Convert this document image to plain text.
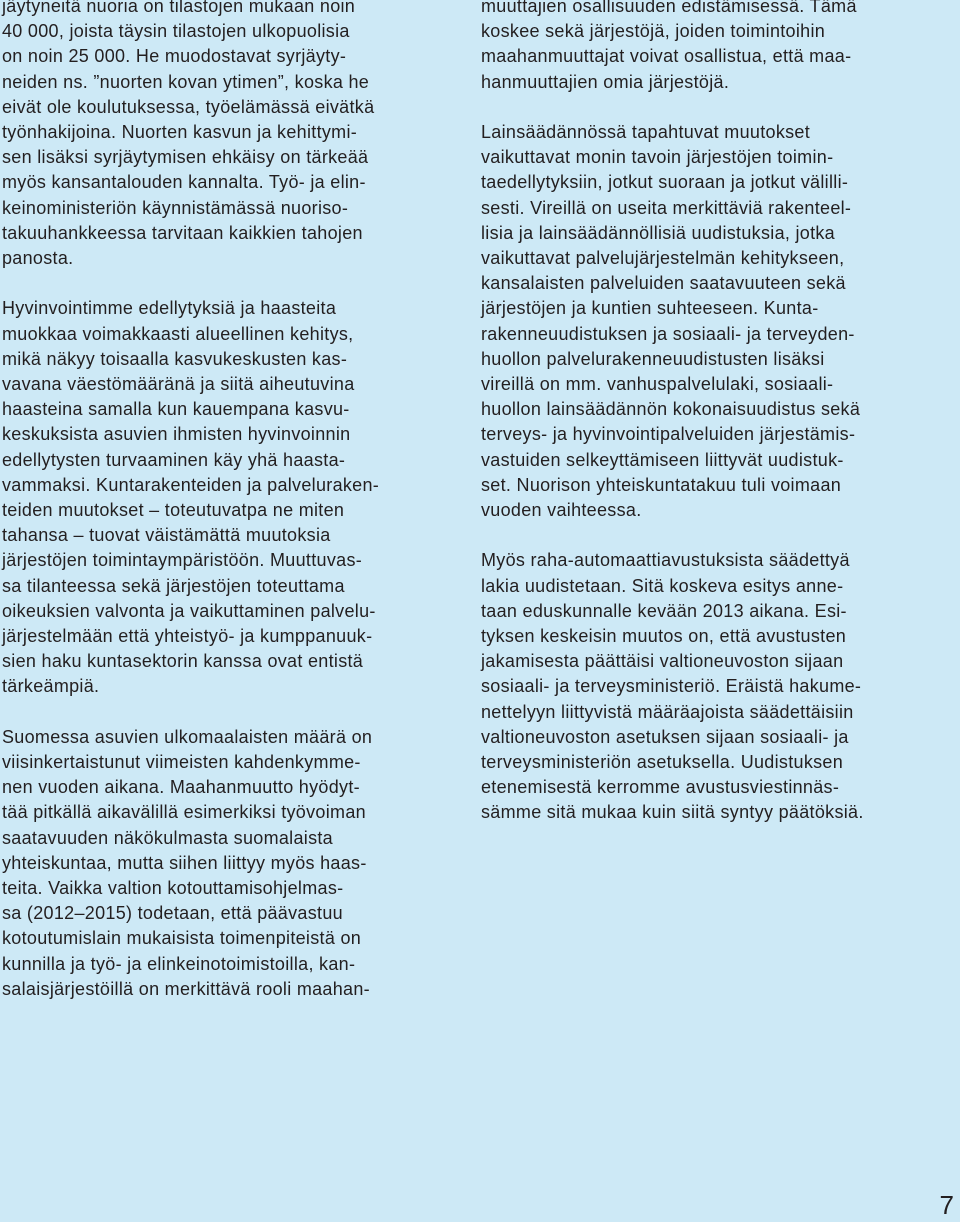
jäytyneitä nuoria on tilastojen mukaan noin
40 000, joista täysin tilastojen ulkopuolisia
on noin 25 000. He muodostavat syrjäyty-
neiden ns. ”nuorten kovan ytimen”, koska he
eivät ole koulutuksessa, työelämässä eivätkä
työnhakijoina. Nuorten kasvun ja kehittymi-
sen lisäksi syrjäytymisen ehkäisy on tärkeää
myös kansantalouden kannalta. Työ- ja elin-
keinoministeriön käynnistämässä nuoriso-
takuuhankkeessa tarvitaan kaikkien tahojen
panosta.

Hyvinvointimme edellytyksiä ja haasteita
muokkaa voimakkaasti alueellinen kehitys,
mikä näkyy toisaalla kasvukeskusten kas-
vavana väestömääränä ja siitä aiheutuvina
haasteina samalla kun kauempana kasvu-
keskuksista asuvien ihmisten hyvinvoinnin
edellytysten turvaaminen käy yhä haasta-
vammaksi. Kuntarakenteiden ja palveluraken-
teiden muutokset – toteutuvatpa ne miten
tahansa – tuovat väistämättä muutoksia
järjestöjen toimintaympäristöön. Muuttuvas-
sa tilanteessa sekä järjestöjen toteuttama
oikeuksien valvonta ja vaikuttaminen palvelu-
järjestelmään että yhteistyö- ja kumppanuuk-
sien haku kuntasektorin kanssa ovat entistä
tärkeämpiä.

Suomessa asuvien ulkomaalaisten määrä on
viisinkertaistunut viimeisten kahdenkymme-
nen vuoden aikana. Maahanmuutto hyödyt-
tää pitkällä aikavälillä esimerkiksi työvoiman
saatavuuden näkökulmasta suomalaista
yhteiskuntaa, mutta siihen liittyy myös haas-
teita. Vaikka valtion kotouttamisohjelmas-
sa (2012–2015) todetaan, että päävastuu
kotoutumislain mukaisista toimenpiteistä on
kunnilla ja työ- ja elinkeinotoimistoilla, kan-
salaisjärjestöillä on merkittävä rooli maahan-

muuttajien osallisuuden edistämisessä. Tämä
koskee sekä järjestöjä, joiden toimintoihin
maahanmuuttajat voivat osallistua, että maa-
hanmuuttajien omia järjestöjä.

Lainsäädännössä tapahtuvat muutokset
vaikuttavat monin tavoin järjestöjen toimin-
taedellytyksiin, jotkut suoraan ja jotkut välilli-
sesti. Vireillä on useita merkittäviä rakenteel-
lisia ja lainsäädännöllisiä uudistuksia, jotka
vaikuttavat palvelujärjestelmän kehitykseen,
kansalaisten palveluiden saatavuuteen sekä
järjestöjen ja kuntien suhteeseen. Kunta-
rakenneuudistuksen ja sosiaali- ja terveyden-
huollon palvelurakenneuudistusten lisäksi
vireillä on mm. vanhuspalvelulaki, sosiaali-
huollon lainsäädännön kokonaisuudistus sekä
terveys- ja hyvinvointipalveluiden järjestämis-
vastuiden selkeyttämiseen liittyvät uudistuk-
set. Nuorison yhteiskuntatakuu tuli voimaan
vuoden vaihteessa.

Myös raha-automaattiavustuksista säädettyä
lakia uudistetaan. Sitä koskeva esitys anne-
taan eduskunnalle kevään 2013 aikana. Esi-
tyksen keskeisin muutos on, että avustusten
jakamisesta päättäisi valtioneuvoston sijaan
sosiaali- ja terveysministeriö. Eräistä hakume-
nettelyyn liittyvistä määräajoista säädettäisiin
valtioneuvoston asetuksen sijaan sosiaali- ja
terveysministeriön asetuksella. Uudistuksen
etenemisestä kerromme avustusviestinnäs-
sämme sitä mukaa kuin siitä syntyy päätöksiä.

7
